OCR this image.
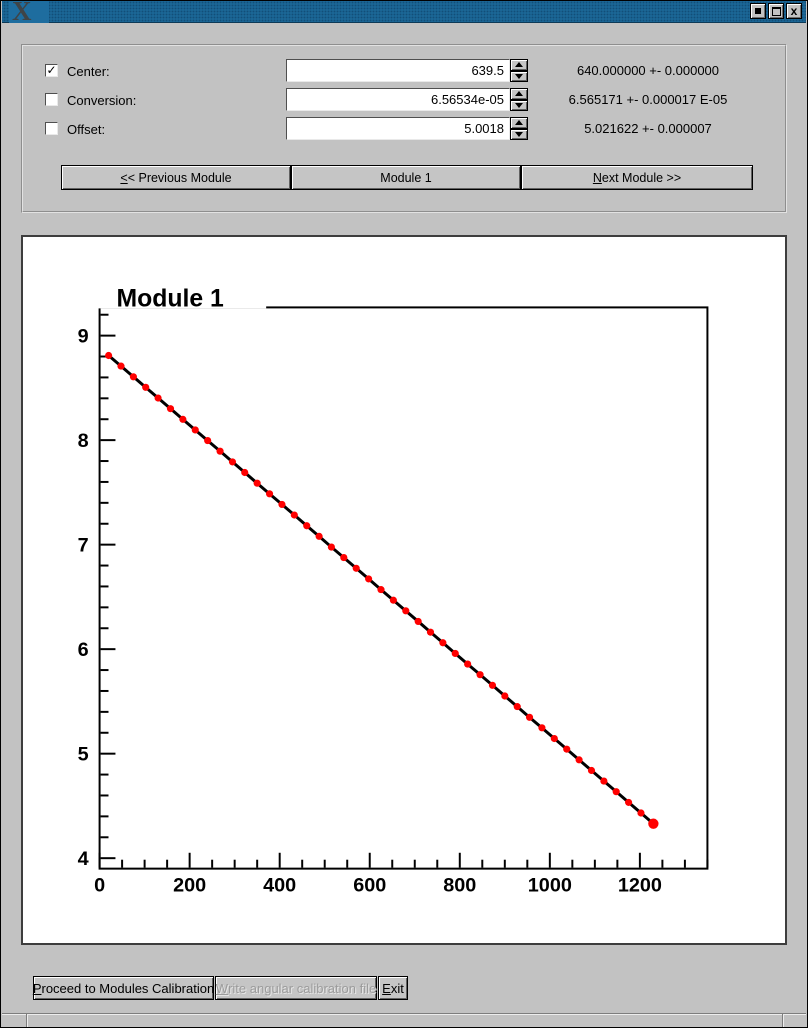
X	x
✓ Center:	639.5	640.000000 +- 0.000000
Conversion:	6.56534e-05	6.565171 +- 0.000017 E-05
Offset:	5.0018	5.021622 +- 0.000007
< < Previous Module	Module 1	N ext Module >>
0	200	400	600	800	1000 1200
4
5
6
7
8
9
Module 1
P roceed to Modules Calibration W rite angular calibration file E xit
